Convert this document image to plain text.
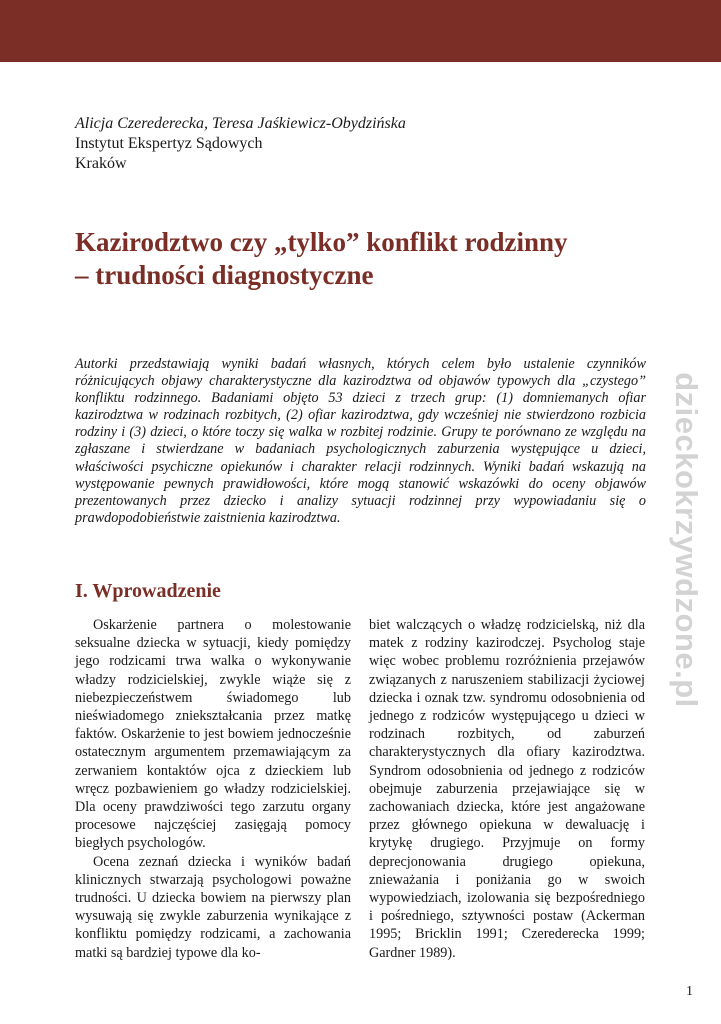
Alicja Czerederecka, Teresa Jaśkiewicz-Obydzińska
Instytut Ekspertyz Sądowych
Kraków
Kazirodztwo czy „tylko” konflikt rodzinny
– trudności diagnostyczne

Autorki przedstawiają wyniki badań własnych, których celem było ustalenie czynników różnicujących objawy charakterystyczne dla kazirodztwa od objawów typowych dla „czystego” konfliktu rodzinnego. Badaniami objęto 53 dzieci z trzech grup: (1) domniemanych ofiar kazirodztwa w rodzinach rozbitych, (2) ofiar kazirodztwa, gdy wcześniej nie stwierdzono rozbicia rodziny i (3) dzieci, o które toczy się walka w rozbitej rodzinie. Grupy te porównano ze względu na zgłaszane i stwierdzane w badaniach psychologicznych zaburzenia występujące u dzieci, właściwości psychiczne opiekunów i charakter relacji rodzinnych. Wyniki badań wskazują na występowanie pewnych prawidłowości, które mogą stanowić wskazówki do oceny objawów prezentowanych przez dziecko i analizy sytuacji rodzinnej przy wypowiadaniu się o prawdopodobieństwie zaistnienia kazirodztwa.	dzieckokrzywdzone.pl
I. Wprowadzenie

Oskarżenie partnera o molestowanie seksualne dziecka w sytuacji, kiedy pomiędzy jego rodzicami trwa walka o wykonywanie władzy rodzicielskiej, zwykle wiąże się z niebezpieczeństwem świadomego lub nieświadomego zniekształcania przez matkę faktów. Oskarżenie to jest bowiem jednocześnie ostatecznym argumentem przemawiającym za zerwaniem kontaktów ojca z dzieckiem lub wręcz pozbawieniem go władzy rodzicielskiej. Dla oceny prawdziwości tego zarzutu organy procesowe najczęściej zasięgają pomocy biegłych psychologów.

Ocena zeznań dziecka i wyników badań klinicznych stwarzają psychologowi poważne trudności. U dziecka bowiem na pierwszy plan wysuwają się zwykle zaburzenia wynikające z konfliktu pomiędzy rodzicami, a zachowania matki są bardziej typowe dla ko-

biet walczących o władzę rodzicielską, niż dla matek z rodziny kazirodczej. Psycholog staje więc wobec problemu rozróżnienia przejawów związanych z naruszeniem stabilizacji życiowej dziecka i oznak tzw. syndromu odosobnienia od jednego z rodziców występującego u dzieci w rodzinach rozbitych, od zaburzeń charakterystycznych dla ofiary kazirodztwa. Syndrom odosobnienia od jednego z rodziców obejmuje zaburzenia przejawiające się w zachowaniach dziecka, które jest angażowane przez głównego opiekuna w dewaluację i krytykę drugiego. Przyjmuje on formy deprecjonowania drugiego opiekuna, znieważania i poniżania go w swoich wypowiedziach, izolowania się bezpośredniego i pośredniego, sztywności postaw (Ackerman 1995; Bricklin 1991; Czerederecka 1999; Gardner 1989).

1
